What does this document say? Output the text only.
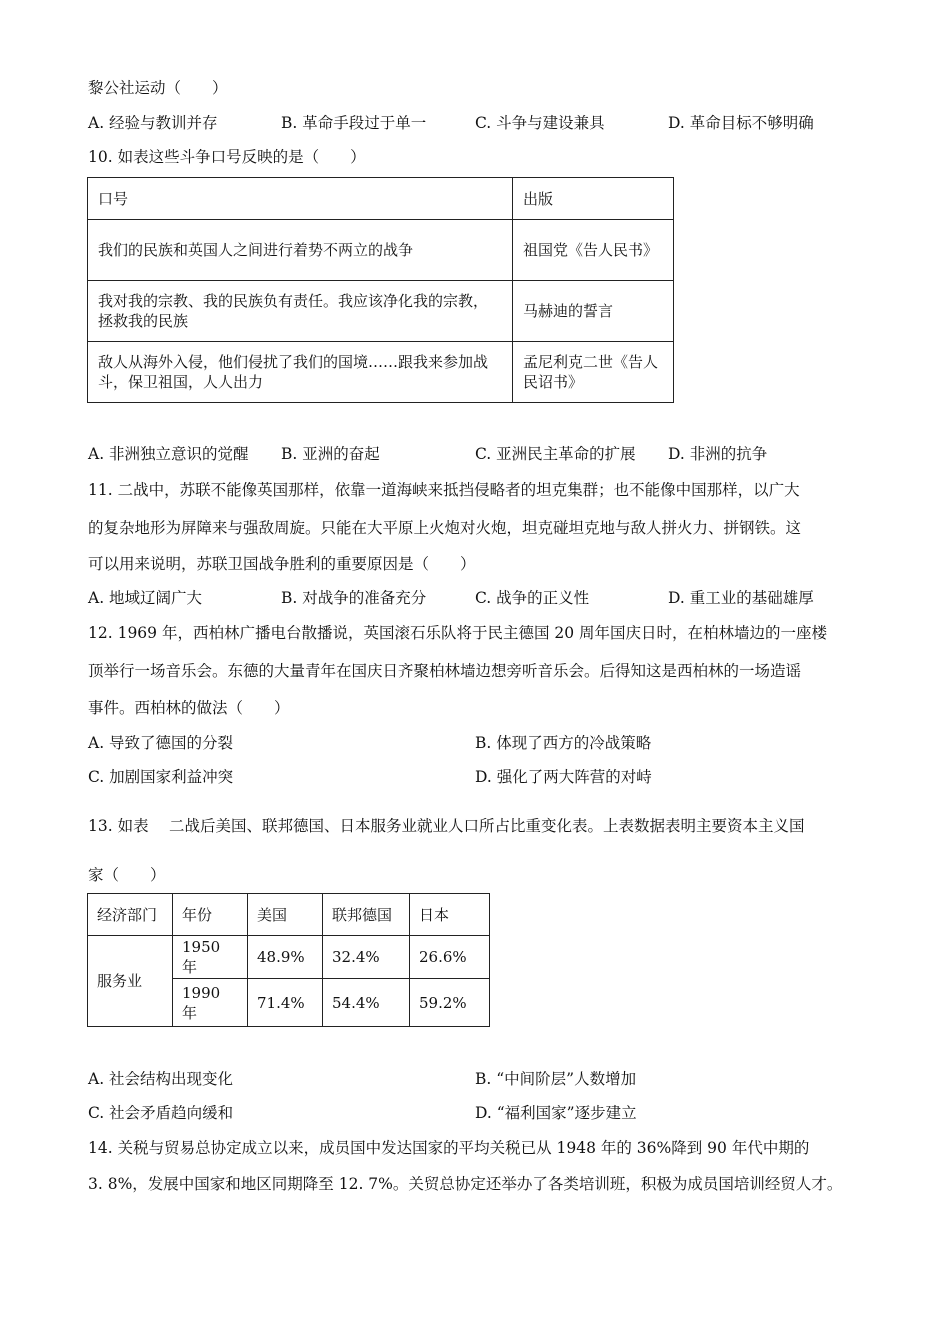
黎公社运动（　　）
A. 经验与教训并存	B. 革命手段过于单一	C. 斗争与建设兼具	D. 革命目标不够明确
10. 如表这些斗争口号反映的是（　　）
口号	出版
我们的民族和英国人之间进行着势不两立的战争	祖国党《告人民书》
我对我的宗教、我的民族负有责任。我应该净化我的宗教，拯救我的民族	马赫迪的誓言
敌人从海外入侵，他们侵扰了我们的国境……跟我来参加战斗，保卫祖国，人人出力	孟尼利克二世《告人民诏书》
A. 非洲独立意识的觉醒 B. 亚洲的奋起	C. 亚洲民主革命的扩展 D. 非洲的抗争
11. 二战中，苏联不能像英国那样，依靠一道海峡来抵挡侵略者的坦克集群；也不能像中国那样，以广大
的复杂地形为屏障来与强敌周旋。只能在大平原上火炮对火炮，坦克碰坦克地与敌人拼火力、拼钢铁。这
可以用来说明，苏联卫国战争胜利的重要原因是（　　）
A. 地域辽阔广大	B. 对战争的准备充分	C. 战争的正义性	D. 重工业的基础雄厚
12. 1969 年，西柏林广播电台散播说，英国滚石乐队将于民主德国 20 周年国庆日时，在柏林墙边的一座楼
顶举行一场音乐会。东德的大量青年在国庆日齐聚柏林墙边想旁听音乐会。后得知这是西柏林的一场造谣
事件。西柏林的做法（　　）
A. 导致了德国的分裂	B. 体现了西方的冷战策略
C. 加剧国家利益冲突	D. 强化了两大阵营的对峙
13. 如表　 二战后美国、联邦德国、日本服务业就业人口所占比重变化表。上表数据表明主要资本主义国
家（　　）
经济部门	年份	美国	联邦德国	日本
服务业	1950 年	48.9%	32.4%	26.6%
	1990 年	71.4%	54.4%	59.2%
A. 社会结构出现变化	B. “中间阶层”人数增加
C. 社会矛盾趋向缓和	D. “福利国家”逐步建立
14. 关税与贸易总协定成立以来，成员国中发达国家的平均关税已从 1948 年的 36%降到 90 年代中期的
3. 8%，发展中国家和地区同期降至 12. 7%。关贸总协定还举办了各类培训班，积极为成员国培训经贸人才。
